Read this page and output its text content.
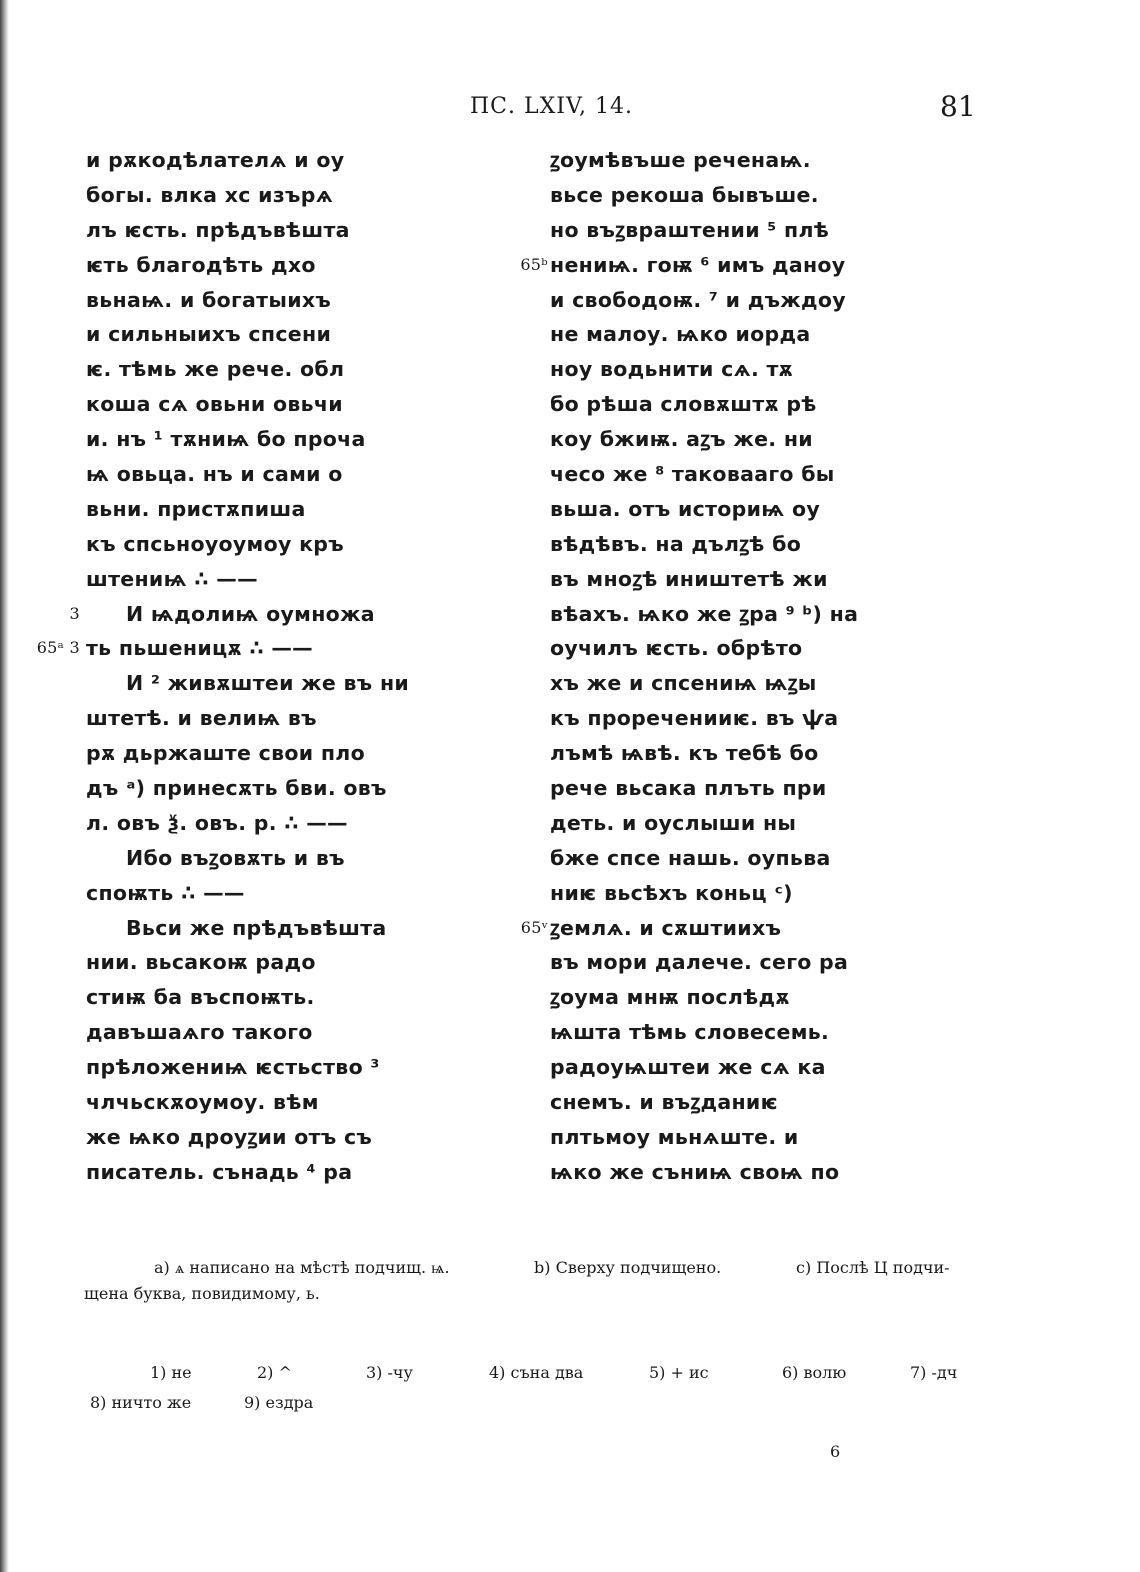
ПС. LXIV, 14.	81
и рѫкодѣлателѧ и оу
богы. влка хс изърѧ
лъ ѥсть. прѣдъвѣшта
ѥть благодѣть дхо
вьнаѩ. и богатыихъ
и сильныихъ спсени
ѥ. тѣмь же рече. обл
коша сѧ овьни овьчи
и. нъ ¹ тѫниѩ бо проча
ѩ овьца. нъ и сами о
вьни. пристѫпиша
къ спсьноуоумоу кръ
штениѩ ∴ ——
3 И ѩдолиѩ оумножа
65ᵃ 3 ть пьшеницѫ ∴ ——
И ² живѫштеи же въ ни
штетѣ. и велиѩ въ
рѫ дьржаште свои пло
дъ ᵃ) принесѫть бви. овъ
л. овъ ѯ. овъ. р. ∴ ——
Ибо въꙁовѫть и въ
споѭть ∴ ——
Вьси же прѣдъвѣшта
нии. вьсакоѭ радо
стиѭ ба въспоѭть.
давъшаѧго такого
прѣложениѩ ѥстьство ³
члчьскѫоумоу. вѣм
же ѩко дроуꙁии отъ съ
писатель. сънадь ⁴ ра
ꙁоумѣвъше реченаѩ.
вьсе рекоша бывъше.
но въꙁвраштении ⁵ плѣ
65ᵇ нениѩ. гоѭ ⁶ имъ даноу
и свободоѭ. ⁷ и дъждоу
не малоу. ѩко иорда
ноу водьнити сѧ. тѫ
бо рѣша словѫштѫ рѣ
коу бжиѭ. аꙁъ же. ни
чесо же ⁸ таковааго бы
вьша. отъ историѩ оу
вѣдѣвъ. на дълꙁѣ бо
въ мноꙁѣ иништетѣ жи
вѣахъ. ѩко же ꙁра ⁹ ᵇ) на
оучилъ ѥсть. обрѣто
хъ же и спсениѩ ѩꙁы
къ прореченииѥ. въ ѱа
лъмѣ ѩвѣ. къ тебѣ бо
рече вьсака плъть при
деть. и оуслыши ны
бже спсе нашь. оупьва
ниѥ вьсѣхъ коньц ᶜ)
65ᵛ ꙁемлѧ. и сѫштиихъ
въ мори далече. сего ра
ꙁоума мнѭ послѣдѫ
ѩшта тѣмь словесемь.
радоуѩштеи же сѧ ка
снемъ. и въꙁданиѥ
плтьмоу мьнѧште. и
ѩко же съниѩ своѩ по
а) ѧ написано на мѣстѣ подчищ. ѩ.	b) Сверху подчищено.	с) Послѣ Ц подчи-
щена буква, повидимому, ь.
1) не	2) ^	3) -чу	4) съна два	5) + ис	6) волю	7) -дч
8) ничто же	9) ездра
6
